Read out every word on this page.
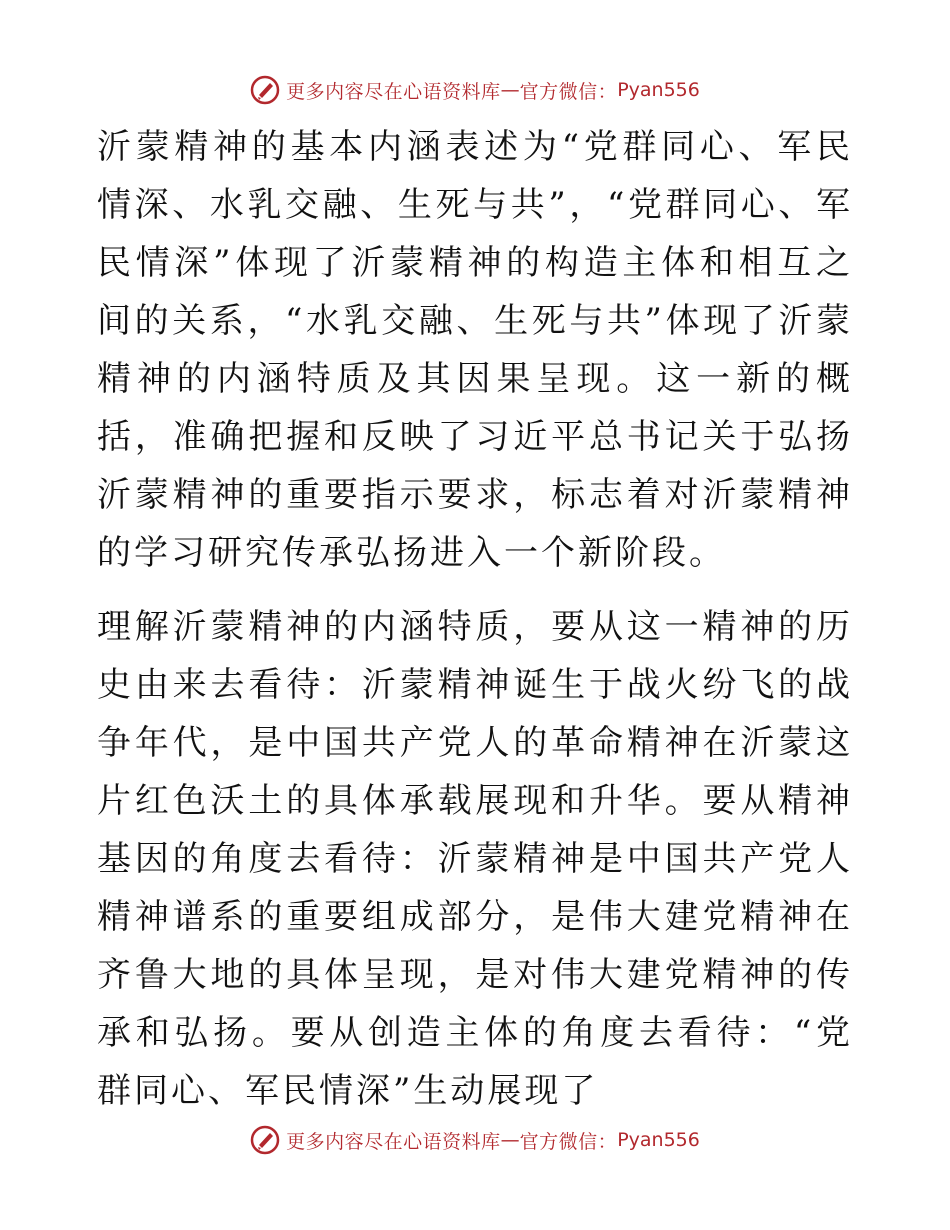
更多内容尽在心语资料库 — 官方微信： Pyan556

沂蒙精神的基本内涵表述为“党群同心、军民情深、水乳交融、生死与共”，“党群同心、军民情深”体现了沂蒙精神的构造主体和相互之间的关系，“水乳交融、生死与共”体现了沂蒙精神的内涵特质及其因果呈现。这一新的概括，准确把握和反映了习近平总书记关于弘扬沂蒙精神的重要指示要求，标志着对沂蒙精神的学习研究传承弘扬进入一个新阶段。

理解沂蒙精神的内涵特质，要从这一精神的历史由来去看待：沂蒙精神诞生于战火纷飞的战争年代，是中国共产党人的革命精神在沂蒙这片红色沃土的具体承载展现和升华。要从精神基因的角度去看待：沂蒙精神是中国共产党人精神谱系的重要组成部分，是伟大建党精神在齐鲁大地的具体呈现，是对伟大建党精神的传承和弘扬。要从创造主体的角度去看待：“党群同心、军民情深”生动展现了

更多内容尽在心语资料库 — 官方微信： Pyan556
